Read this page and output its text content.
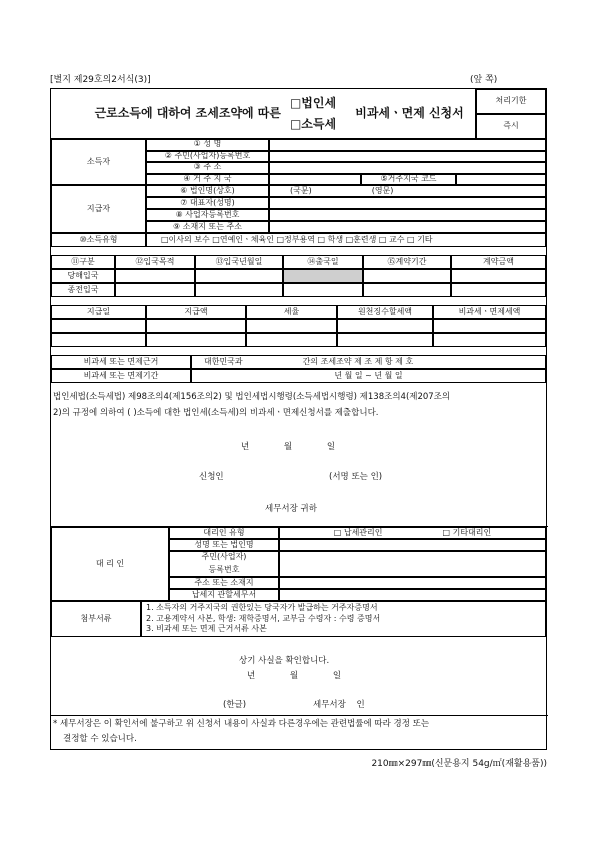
[별지 제29호의2서식(3)]	(앞 쪽)
근로소득에 대하여 조세조약에 따른
□법인세
□소득세
비과세ㆍ면제 신청서
처리기한
즉시
소득자
① 성 명
② 주민(사업자)등록번호
③ 주 소
④ 거 주 지 국	⑤거주지국 코드
지급자
⑥ 법인명(상호)	(국문)	(영문)
⑦ 대표자(성명)
⑧ 사업자등록번호
⑨ 소재지 또는 주소
⑩소득유형	□이사의 보수 □연예인ㆍ체육인 □정부용역 □ 학생 □훈련생 □ 교수 □ 기타
⑪구분	⑫입국목적	⑬입국년월일	⑭출국일	⑮계약기간	계약금액
당해입국
종전입국
지급일	지급액	세율	원천징수할세액	비과세ㆍ면제세액
비과세 또는 면제근거	대한민국과	간의 조세조약 제 조 제 항 제 호
비과세 또는 면제기간	년 월 일 ~ 년 월 일
법인세법(소득세법) 제98조의4(제156조의2) 및 법인세법시행령(소득세법시행령) 제138조의4(제207조의
2)의 규정에 의하여 ( )소득에 대한 법인세(소득세)의 비과세ㆍ면제신청서를 제출합니다.
년 월 일
신청인	(서명 또는 인)
세무서장 귀하
대 리 인
대리인 유형	□ 납세관리인	□ 기타대리인
성명 또는 법인명
주민(사업자)
등록번호
주소 또는 소재지
납세지 관할세무서
첨부서류
1. 소득자의 거주지국의 권한있는 당국자가 발급하는 거주자증명서
2. 고용계약서 사본, 학생: 재학증명서, 교부금 수령자 : 수령 증명서
3. 비과세 또는 면제 근거서류 사본
상기 사실을 확인합니다.
년 월 일
(한글)	세무서장 인
* 세무서장은 이 확인서에 불구하고 위 신청서 내용이 사실과 다른경우에는 관련법률에 따라 경정 또는
결정할 수 있습니다.
210㎜×297㎜(신문용지 54g/㎡(재활용품))
